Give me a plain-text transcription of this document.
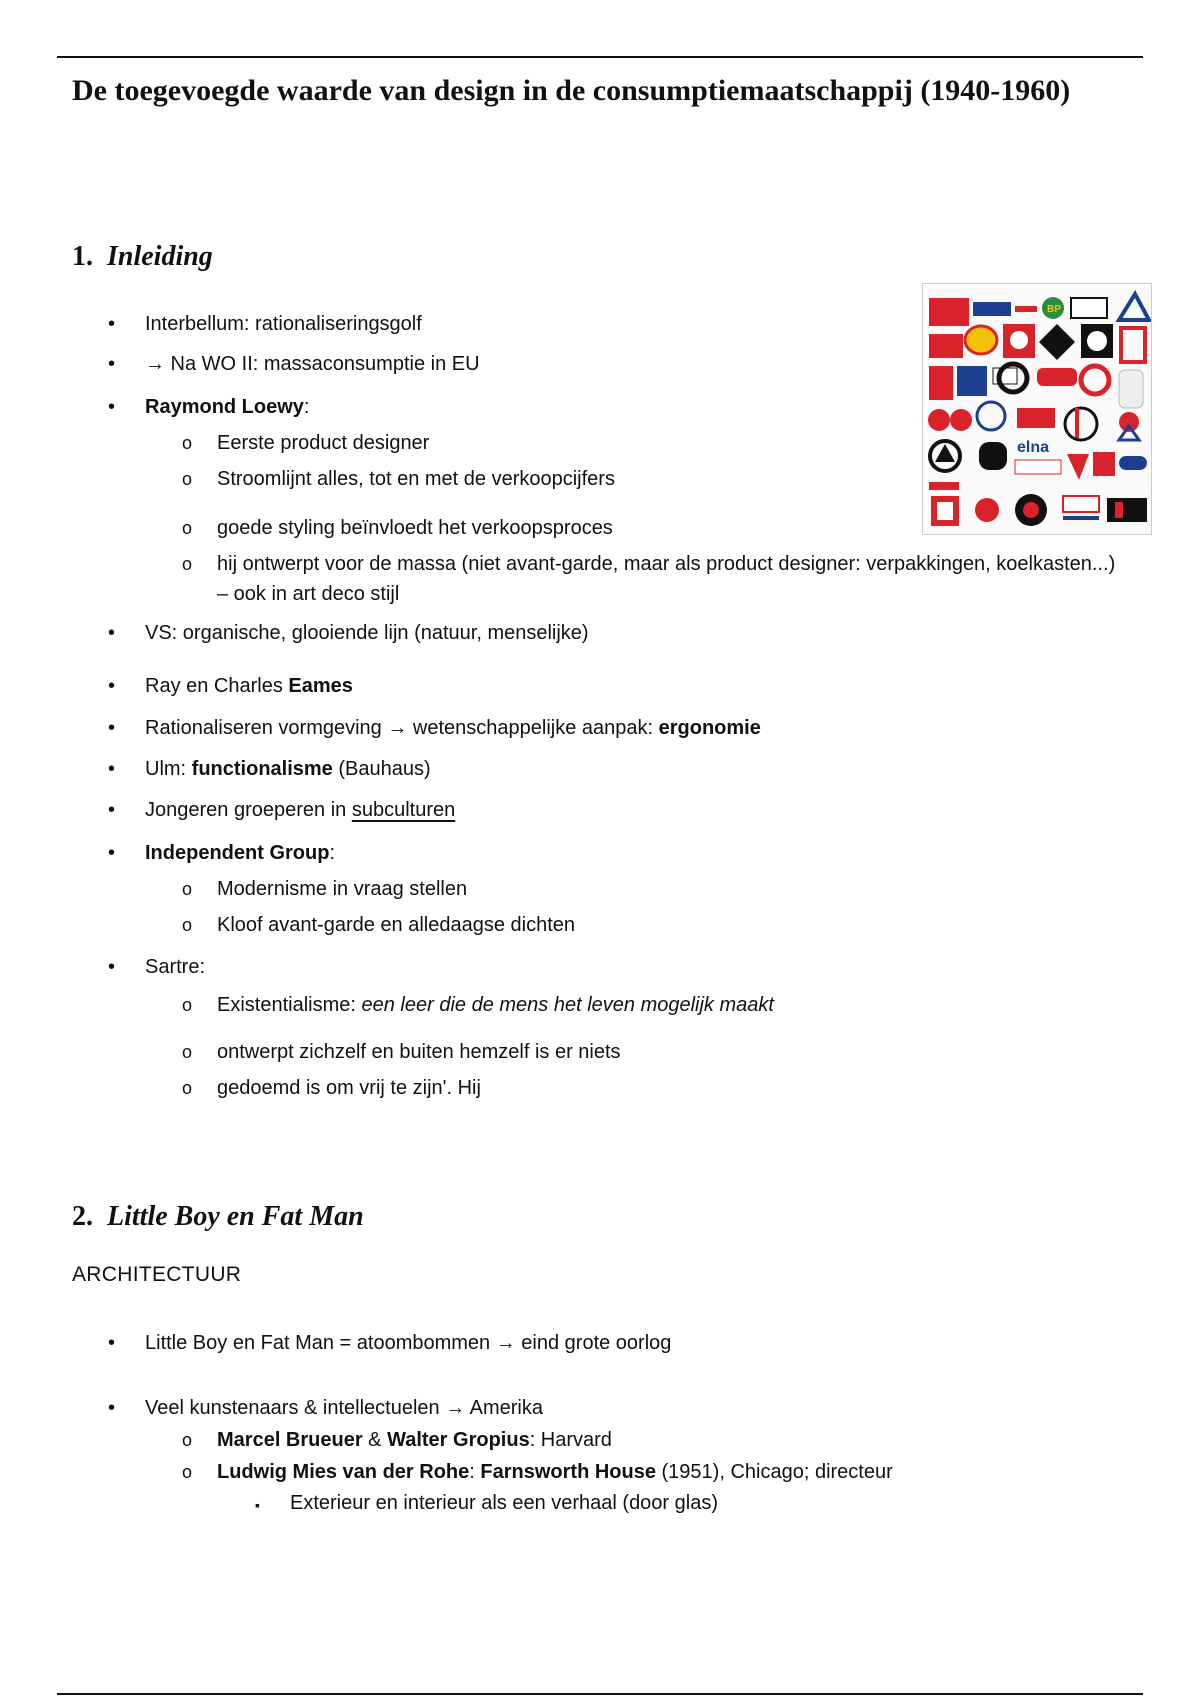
De toegevoegde waarde van design in de consumptiemaatschappij (1940-1960)
1. Inleiding
BP
elna
• Interbellum: rationaliseringsgolf
• → Na WO II: massaconsumptie in EU
• Raymond Loewy:
o Eerste product designer
o Stroomlijnt alles, tot en met de verkoopcijfers
o goede styling beïnvloedt het verkoopsproces
o hij ontwerpt voor de massa (niet avant-garde, maar als product designer: verpakkingen, koelkasten...) – ook in art deco stijl
• VS: organische, glooiende lijn (natuur, menselijke)
• Ray en Charles Eames
• Rationaliseren vormgeving → wetenschappelijke aanpak: ergonomie
• Ulm: functionalisme (Bauhaus)
• Jongeren groeperen in subculturen
• Independent Group:
o Modernisme in vraag stellen
o Kloof avant-garde en alledaagse dichten
• Sartre:
o Existentialisme: een leer die de mens het leven mogelijk maakt
o ontwerpt zichzelf en buiten hemzelf is er niets
o gedoemd is om vrij te zijn'. Hij
2. Little Boy en Fat Man
ARCHITECTUUR
• Little Boy en Fat Man = atoombommen → eind grote oorlog
• Veel kunstenaars & intellectuelen → Amerika
o Marcel Brueuer & Walter Gropius: Harvard
o Ludwig Mies van der Rohe: Farnsworth House (1951), Chicago; directeur
▪ Exterieur en interieur als een verhaal (door glas)
